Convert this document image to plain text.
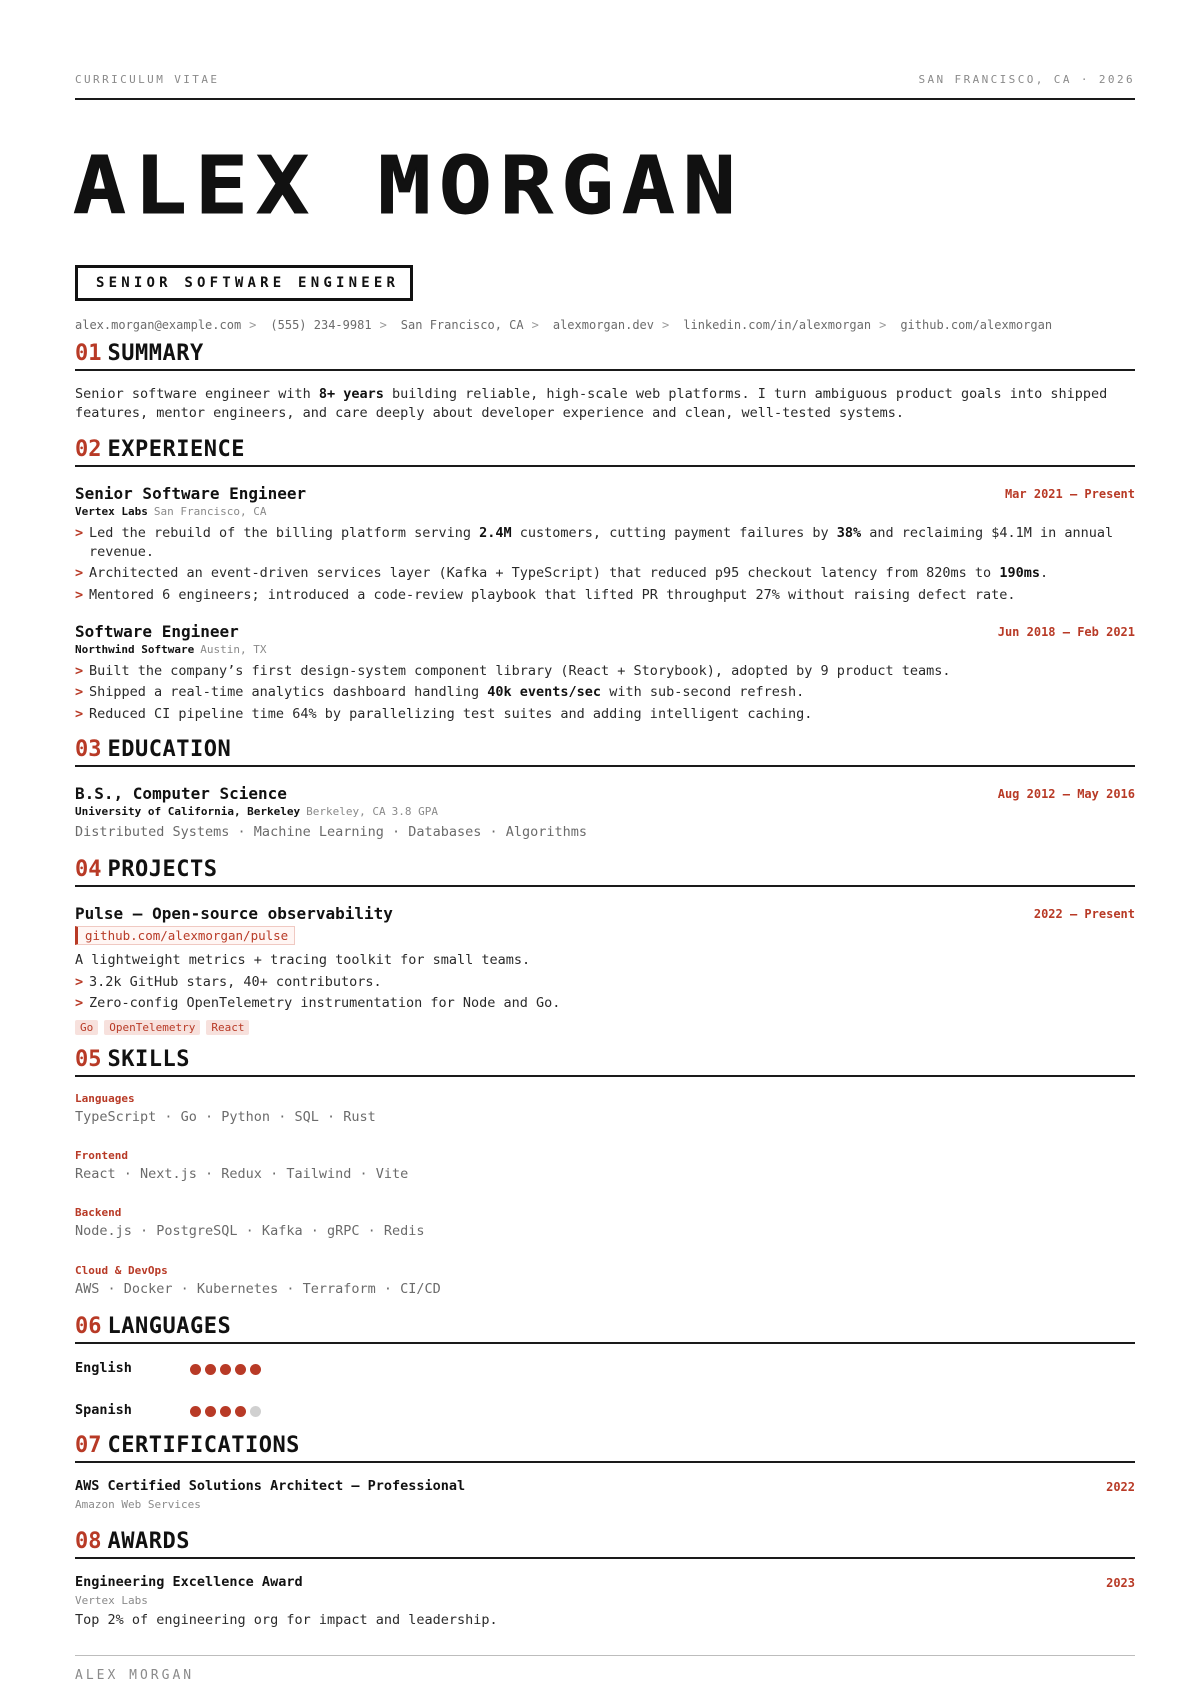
CURRICULUM VITAE	SAN FRANCISCO, CA · 2026
ALEX MORGAN
SENIOR SOFTWARE ENGINEER
alex.morgan@example.com > (555) 234-9981 > San Francisco, CA > alexmorgan.dev > linkedin.com/in/alexmorgan > github.com/alexmorgan
01 SUMMARY
Senior software engineer with 8+ years building reliable, high-scale web platforms. I turn ambiguous product goals into shipped features, mentor engineers, and care deeply about developer experience and clean, well-tested systems.
02 EXPERIENCE
Senior Software Engineer	Mar 2021 — Present
Vertex Labs San Francisco, CA
> Led the rebuild of the billing platform serving 2.4M customers, cutting payment failures by 38% and reclaiming $4.1M in annual revenue.
> Architected an event-driven services layer (Kafka + TypeScript) that reduced p95 checkout latency from 820ms to 190ms.
> Mentored 6 engineers; introduced a code-review playbook that lifted PR throughput 27% without raising defect rate.
Software Engineer	Jun 2018 — Feb 2021
Northwind Software Austin, TX
> Built the company’s first design-system component library (React + Storybook), adopted by 9 product teams.
> Shipped a real-time analytics dashboard handling 40k events/sec with sub-second refresh.
> Reduced CI pipeline time 64% by parallelizing test suites and adding intelligent caching.
03 EDUCATION
B.S., Computer Science	Aug 2012 — May 2016
University of California, Berkeley Berkeley, CA 3.8 GPA
Distributed Systems · Machine Learning · Databases · Algorithms
04 PROJECTS
Pulse — Open-source observability	2022 — Present
github.com/alexmorgan/pulse
A lightweight metrics + tracing toolkit for small teams.
> 3.2k GitHub stars, 40+ contributors.
> Zero-config OpenTelemetry instrumentation for Node and Go.
Go OpenTelemetry React
05 SKILLS
Languages
TypeScript · Go · Python · SQL · Rust
Frontend
React · Next.js · Redux · Tailwind · Vite
Backend
Node.js · PostgreSQL · Kafka · gRPC · Redis
Cloud & DevOps
AWS · Docker · Kubernetes · Terraform · CI/CD
06 LANGUAGES
English
Spanish
07 CERTIFICATIONS
AWS Certified Solutions Architect — Professional	2022
Amazon Web Services
08 AWARDS
Engineering Excellence Award	2023
Vertex Labs
Top 2% of engineering org for impact and leadership.
ALEX MORGAN
